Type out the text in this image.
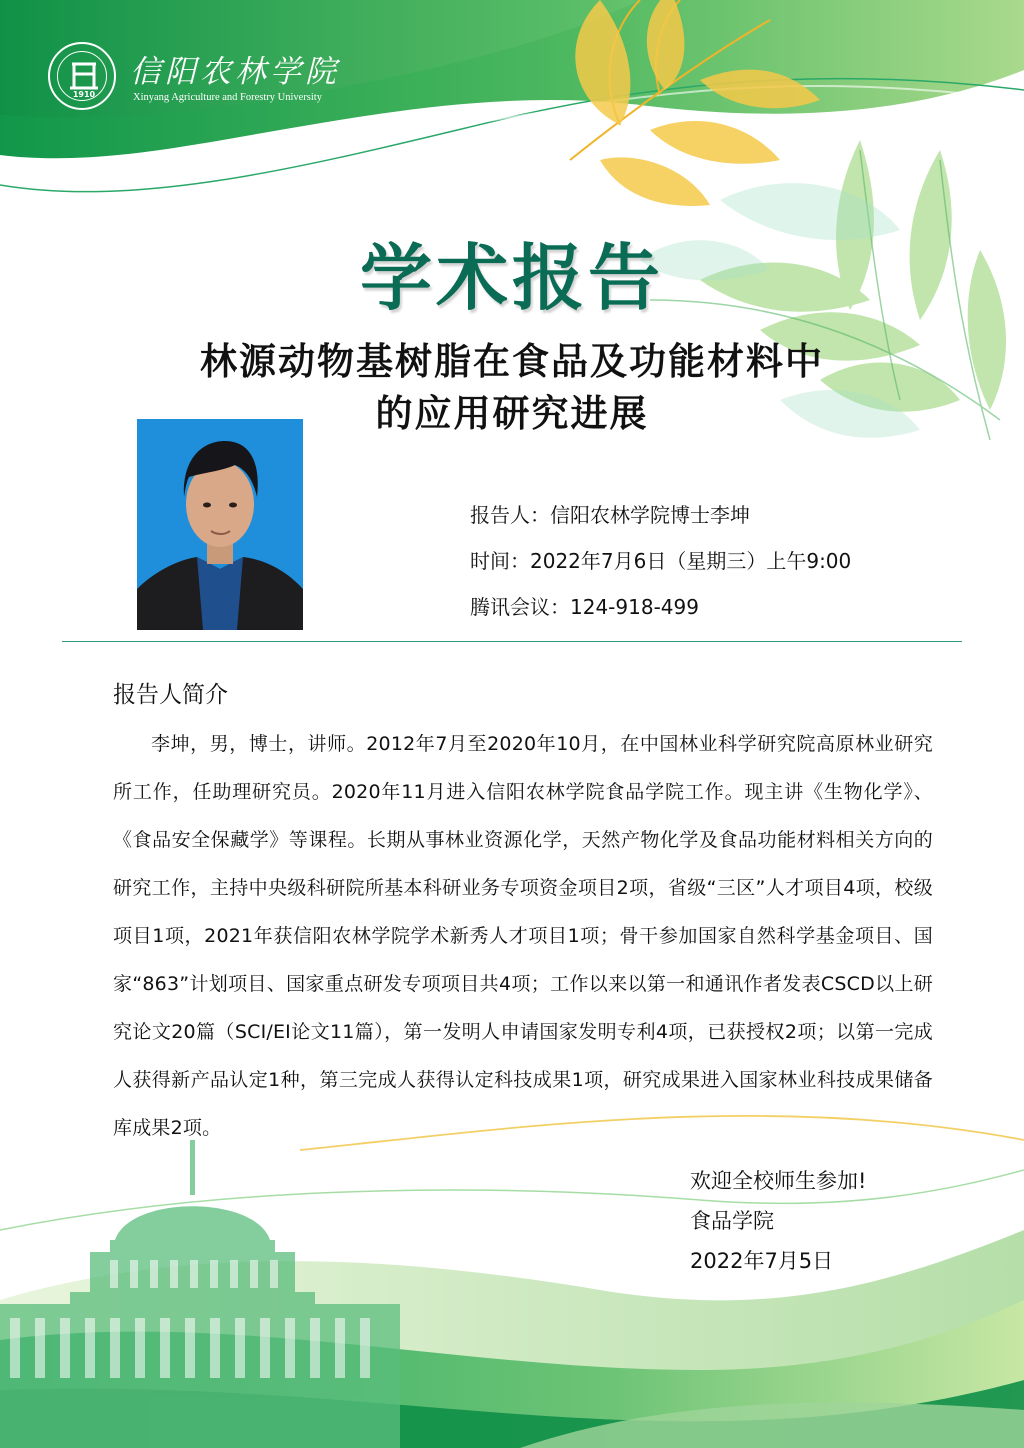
1910
信阳农林学院
Xinyang Agriculture and Forestry University
学术报告
林源动物基树脂在食品及功能材料中
的应用研究进展
报告人：信阳农林学院博士李坤
时间：2022年7月6日（星期三）上午9:00
腾讯会议：124-918-499
报告人简介
李坤，男，博士，讲师。2012年7月至2020年10月，在中国林业科学研究院高原林业研究所工作，任助理研究员。2020年11月进入信阳农林学院食品学院工作。现主讲《生物化学》、《食品安全保藏学》等课程。长期从事林业资源化学，天然产物化学及食品功能材料相关方向的研究工作，主持中央级科研院所基本科研业务专项资金项目2项，省级“三区”人才项目4项，校级项目1项，2021年获信阳农林学院学术新秀人才项目1项；骨干参加国家自然科学基金项目、国家“863”计划项目、国家重点研发专项项目共4项；工作以来以第一和通讯作者发表CSCD以上研究论文20篇（SCI/EI论文11篇），第一发明人申请国家发明专利4项，已获授权2项；以第一完成人获得新产品认定1种，第三完成人获得认定科技成果1项，研究成果进入国家林业科技成果储备库成果2项。
欢迎全校师生参加!
食品学院
2022年7月5日
